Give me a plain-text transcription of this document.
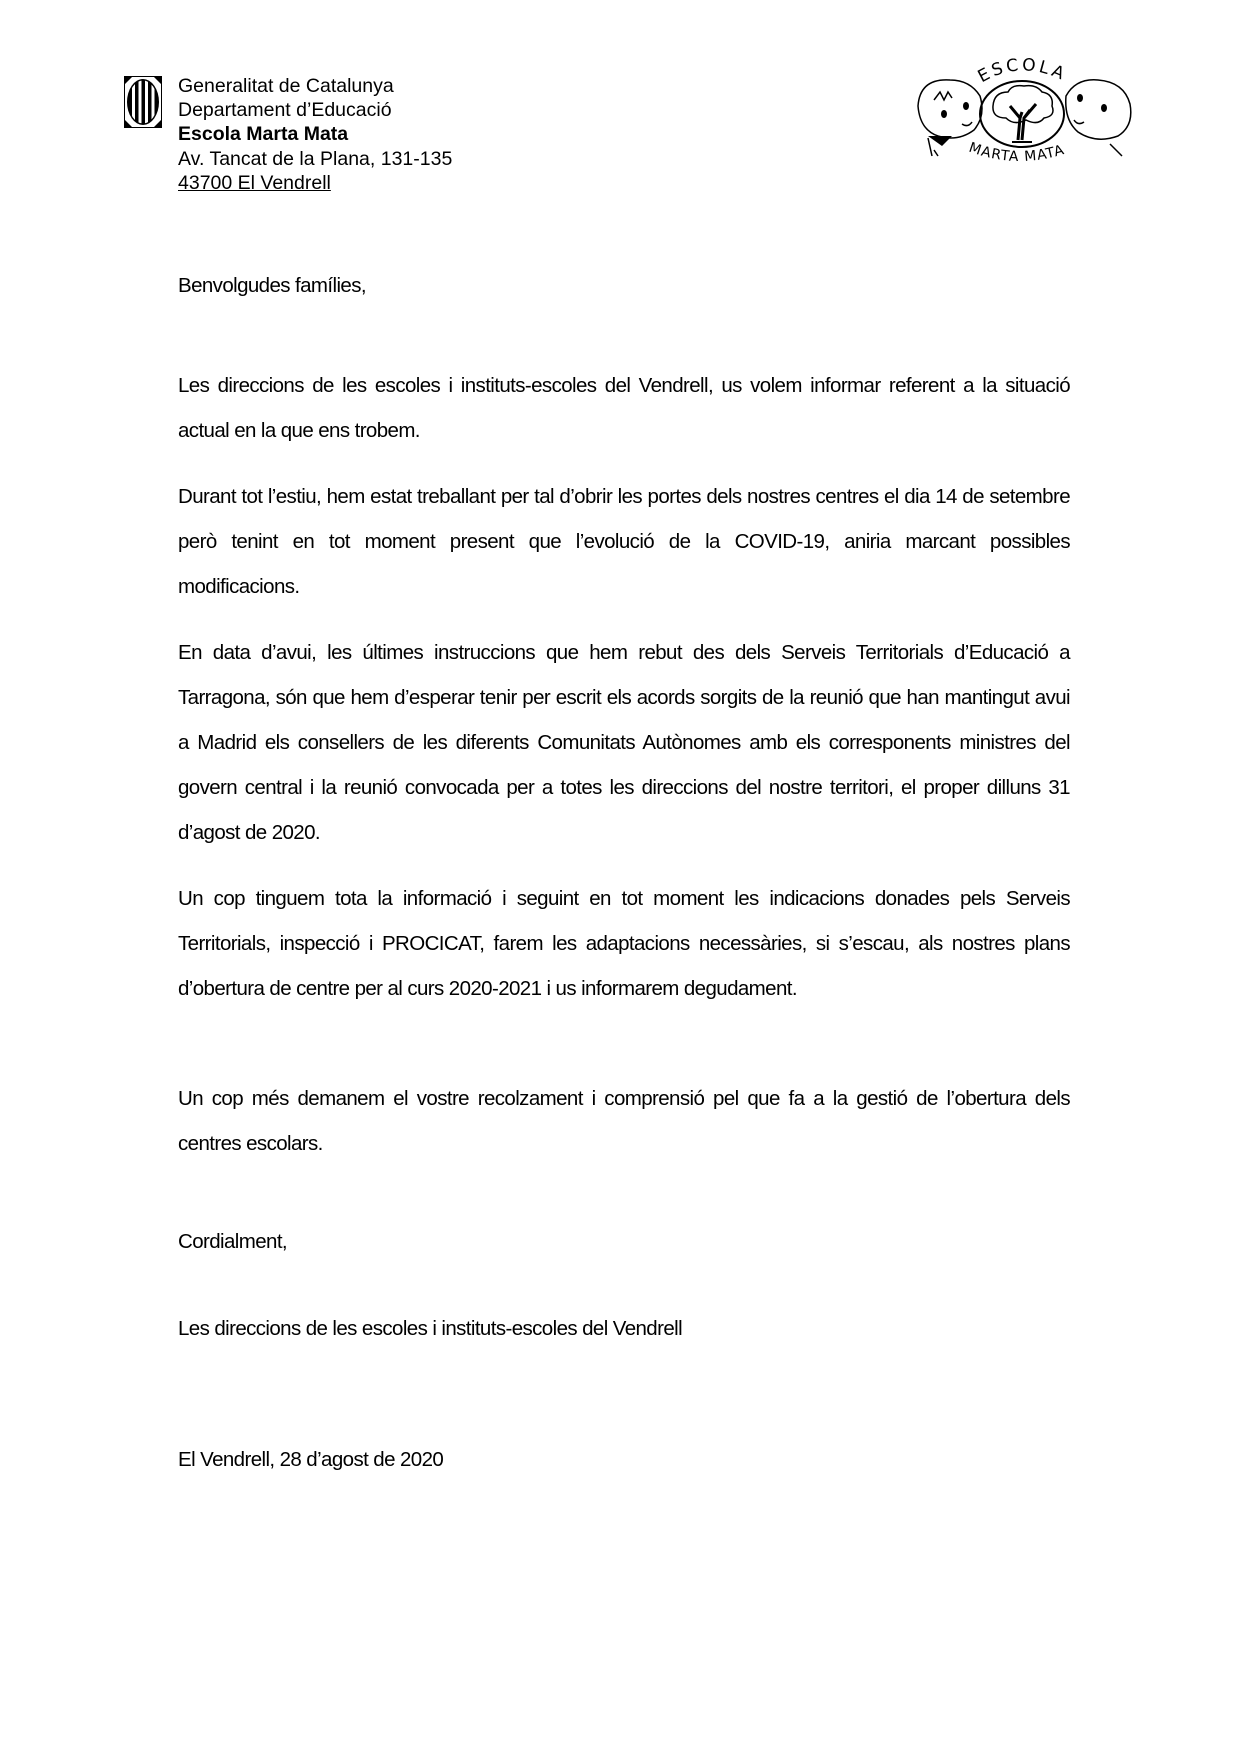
Generalitat de Catalunya
Departament d’Educació
Escola Marta Mata
Av. Tancat de la Plana, 131-135
43700 El Vendrell
ESCOLA
MARTA MATA
Benvolgudes famílies,
Les direccions de les escoles i instituts-escoles del Vendrell, us volem informar referent a la situació actual en la que ens trobem.
Durant tot l’estiu, hem estat treballant per tal d’obrir les portes dels nostres centres el dia 14 de setembre però tenint en tot moment present que l’evolució de la COVID-19, aniria marcant possibles modificacions.
En data d’avui, les últimes instruccions que hem rebut des dels Serveis Territorials d’Educació a Tarragona, són que hem d’esperar tenir per escrit els acords sorgits de la reunió que han mantingut avui a Madrid els consellers de les diferents Comunitats Autònomes amb els corresponents ministres del govern central i la reunió convocada per a totes les direccions del nostre territori, el proper dilluns 31 d’agost de 2020.
Un cop tinguem tota la informació i seguint en tot moment les indicacions donades pels Serveis Territorials, inspecció i PROCICAT, farem les adaptacions necessàries, si s’escau, als nostres plans d’obertura de centre per al curs 2020-2021 i us informarem degudament.
Un cop més demanem el vostre recolzament i comprensió pel que fa a la gestió de l’obertura dels centres escolars.
Cordialment,
Les direccions de les escoles i instituts-escoles del Vendrell
El Vendrell, 28 d’agost de 2020
